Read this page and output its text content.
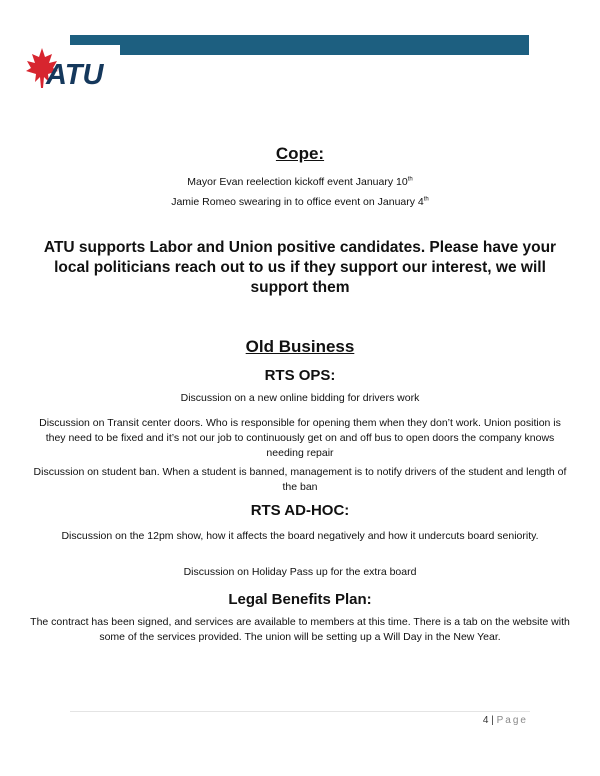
ATU
Cope:
Mayor Evan reelection kickoff event January 10th
Jamie Romeo swearing in to office event on January 4th
ATU supports Labor and Union positive candidates. Please have your local politicians reach out to us if they support our interest, we will support them
Old Business
RTS OPS:
Discussion on a new online bidding for drivers work
Discussion on Transit center doors. Who is responsible for opening them when they don’t work. Union position is they need to be fixed and it’s not our job to continuously get on and off bus to open doors the company knows needing repair
Discussion on student ban. When a student is banned, management is to notify drivers of the student and length of the ban
RTS AD-HOC:
Discussion on the 12pm show, how it affects the board negatively and how it undercuts board seniority.
Discussion on Holiday Pass up for the extra board
Legal Benefits Plan:
The contract has been signed, and services are available to members at this time. There is a tab on the website with some of the services provided. The union will be setting up a Will Day in the New Year.
4 | Page
